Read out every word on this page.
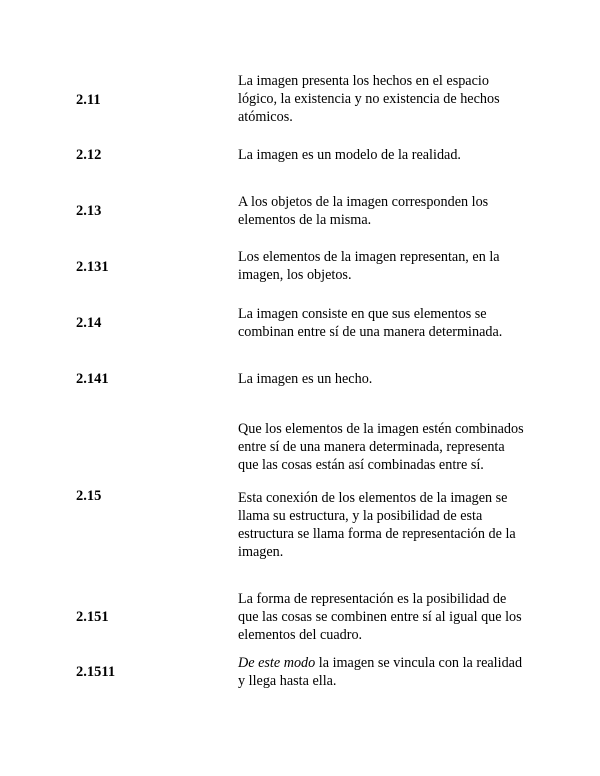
2.11

La imagen presenta los hechos en el espacio lógico, la existencia y no existencia de hechos atómicos.

2.12	La imagen es un modelo de la realidad.

2.13

A los objetos de la imagen corresponden los elementos de la misma.

2.131

Los elementos de la imagen representan, en la imagen, los objetos.

2.14

La imagen consiste en que sus elementos se combinan entre sí de una manera determinada.

2.141	La imagen es un hecho.

2.15

Que los elementos de la imagen estén combinados entre sí de una manera determinada, representa que las cosas están así combinadas entre sí.

Esta conexión de los elementos de la imagen se llama su estructura, y la posibilidad de esta estructura se llama forma de representación de la imagen.

2.151

La forma de representación es la posibilidad de que las cosas se combinen entre sí al igual que los elementos del cuadro.

2.1511

De este modo la imagen se vincula con la realidad y llega hasta ella.
